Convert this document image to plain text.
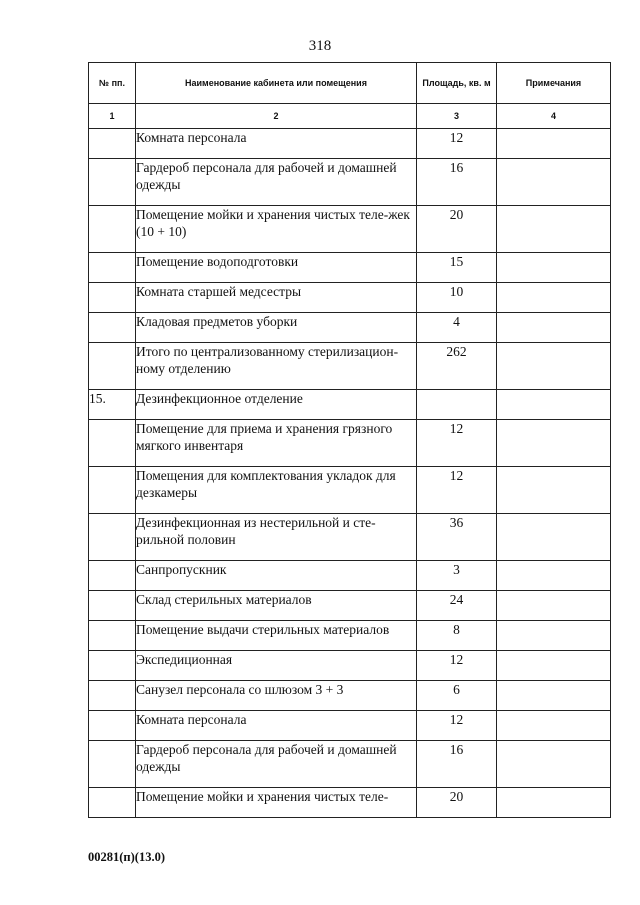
318
№ пп.	Наименование кабинета или помещения	Площадь, кв. м	Примечания
1	2	3	4
	Комната персонала	12	
	Гардероб персонала для рабочей и домашней одежды	16	
	Помещение мойки и хранения чистых теле-жек (10 + 10)	20	
	Помещение водоподготовки	15	
	Комната старшей медсестры	10	
	Кладовая предметов уборки	4	
	Итого по централизованному стерилизацион-ному отделению	262	
15.	Дезинфекционное отделение		
	Помещение для приема и хранения грязного мягкого инвентаря	12	
	Помещения для комплектования укладок для дезкамеры	12	
	Дезинфекционная из нестерильной и сте-рильной половин	36	
	Санпропускник	3	
	Склад стерильных материалов	24	
	Помещение выдачи стерильных материалов	8	
	Экспедиционная	12	
	Санузел персонала со шлюзом 3 + 3	6	
	Комната персонала	12	
	Гардероб персонала для рабочей и домашней одежды	16	
	Помещение мойки и хранения чистых теле-	20	
00281(п)(13.0)
